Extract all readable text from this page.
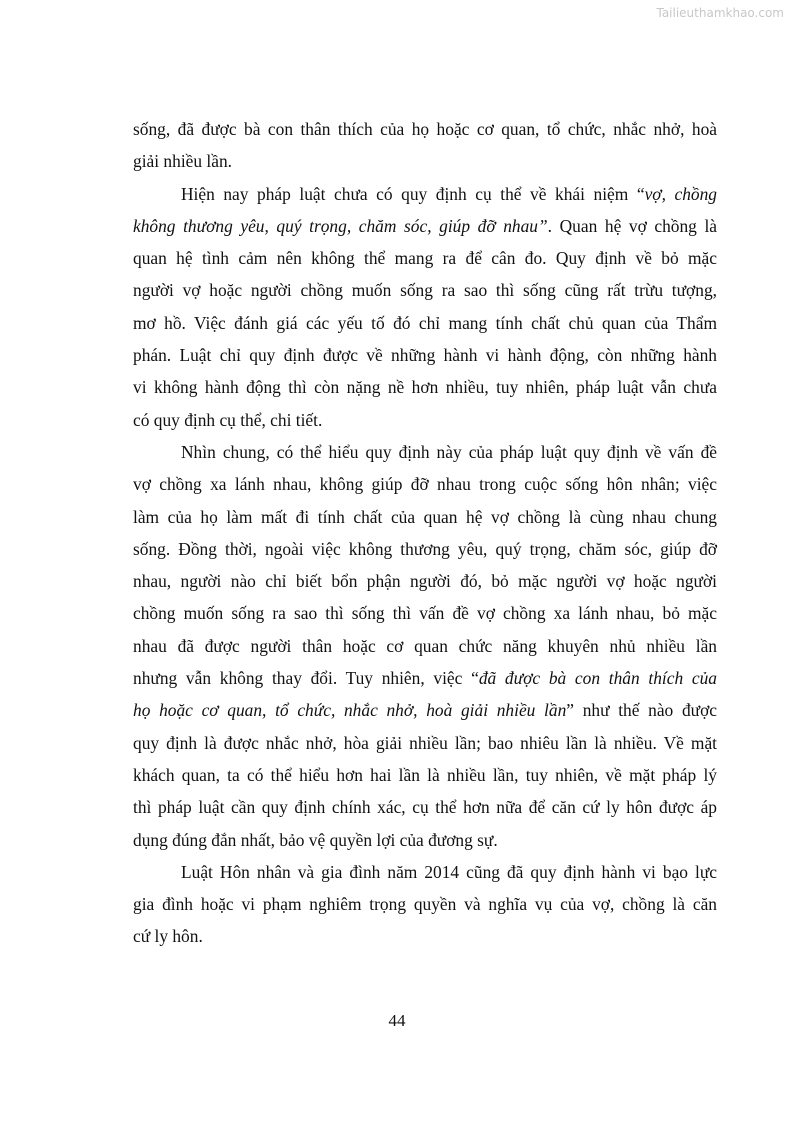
Tailieuthamkhao.com
sống, đã được bà con thân thích của họ hoặc cơ quan, tổ chức, nhắc nhở, hoà
giải nhiều lần.
Hiện nay pháp luật chưa có quy định cụ thể về khái niệm “vợ, chồng
không thương yêu, quý trọng, chăm sóc, giúp đỡ nhau”. Quan hệ vợ chồng là
quan hệ tình cảm nên không thể mang ra để cân đo. Quy định về bỏ mặc
người vợ hoặc người chồng muốn sống ra sao thì sống cũng rất trừu tượng,
mơ hồ. Việc đánh giá các yếu tố đó chỉ mang tính chất chủ quan của Thẩm
phán. Luật chỉ quy định được về những hành vi hành động, còn những hành
vi không hành động thì còn nặng nề hơn nhiều, tuy nhiên, pháp luật vẫn chưa
có quy định cụ thể, chi tiết.
Nhìn chung, có thể hiểu quy định này của pháp luật quy định về vấn đề
vợ chồng xa lánh nhau, không giúp đỡ nhau trong cuộc sống hôn nhân; việc
làm của họ làm mất đi tính chất của quan hệ vợ chồng là cùng nhau chung
sống. Đồng thời, ngoài việc không thương yêu, quý trọng, chăm sóc, giúp đỡ
nhau, người nào chỉ biết bổn phận người đó, bỏ mặc người vợ hoặc người
chồng muốn sống ra sao thì sống thì vấn đề vợ chồng xa lánh nhau, bỏ mặc
nhau đã được người thân hoặc cơ quan chức năng khuyên nhủ nhiều lần
nhưng vẫn không thay đổi. Tuy nhiên, việc “đã được bà con thân thích của
họ hoặc cơ quan, tổ chức, nhắc nhở, hoà giải nhiều lần” như thế nào được
quy định là được nhắc nhở, hòa giải nhiều lần; bao nhiêu lần là nhiều. Về mặt
khách quan, ta có thể hiểu hơn hai lần là nhiều lần, tuy nhiên, về mặt pháp lý
thì pháp luật cần quy định chính xác, cụ thể hơn nữa để căn cứ ly hôn được áp
dụng đúng đắn nhất, bảo vệ quyền lợi của đương sự.
Luật Hôn nhân và gia đình năm 2014 cũng đã quy định hành vi bạo lực
gia đình hoặc vi phạm nghiêm trọng quyền và nghĩa vụ của vợ, chồng là căn
cứ ly hôn.
44
